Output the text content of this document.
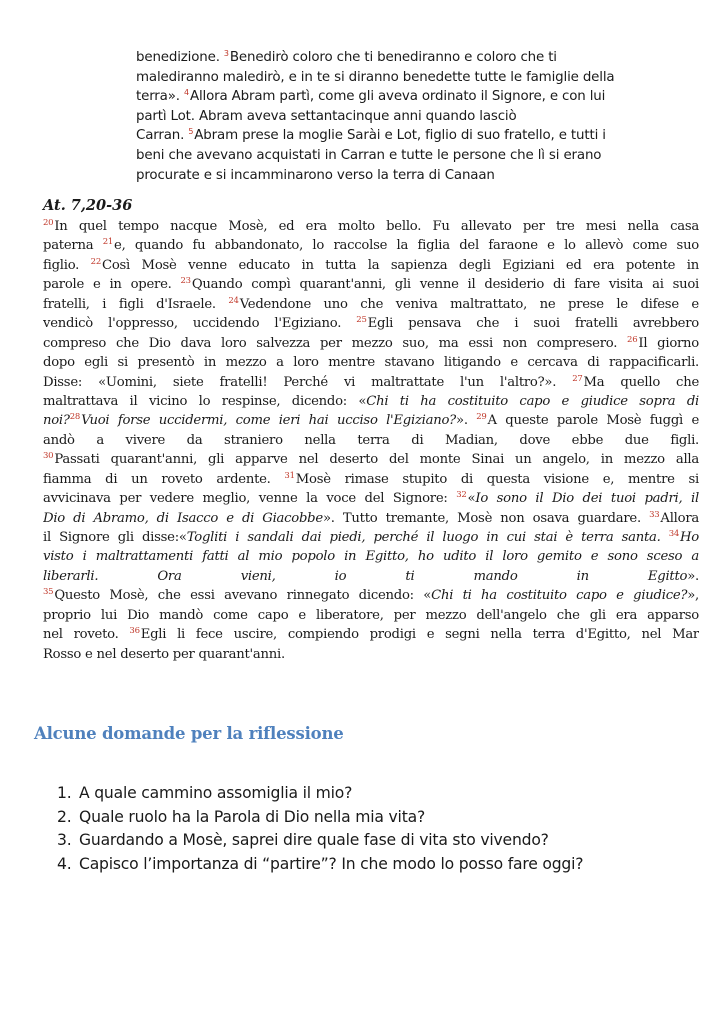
benedizione. $^3$Benedirò coloro che ti benediranno e coloro che ti
malediranno maledirò, e in te si diranno benedette tutte le famiglie della
terra». $^4$Allora Abram partì, come gli aveva ordinato il Signore, e con lui
partì Lot. Abram aveva settantacinque anni quando lasciò
Carran. $^5$Abram prese la moglie Sarài e Lot, figlio di suo fratello, e tutti i
beni che avevano acquistati in Carran e tutte le persone che lì si erano
procurate e si incamminarono verso la terra di Canaan
At. 7,20-36
$^{20}$In quel tempo nacque Mosè, ed era molto bello. Fu allevato per tre mesi nella casa
paterna $^{21}$e, quando fu abbandonato, lo raccolse la figlia del faraone e lo allevò come suo
figlio. $^{22}$Così Mosè venne educato in tutta la sapienza degli Egiziani ed era potente in
parole e in opere. $^{23}$Quando compì quarant'anni, gli venne il desiderio di fare visita ai suoi
fratelli, i figli d'Israele. $^{24}$Vedendone uno che veniva maltrattato, ne prese le difese e
vendicò l'oppresso, uccidendo l'Egiziano. $^{25}$Egli pensava che i suoi fratelli avrebbero
compreso che Dio dava loro salvezza per mezzo suo, ma essi non compresero. $^{26}$Il giorno
dopo egli si presentò in mezzo a loro mentre stavano litigando e cercava di rappacificarli.
Disse: «Uomini, siete fratelli! Perché vi maltrattate l'un l'altro?». $^{27}$Ma quello che
maltrattava il vicino lo respinse, dicendo: «Chi ti ha costituito capo e giudice sopra di
noi?$^{28}$Vuoi forse uccidermi, come ieri hai ucciso l'Egiziano?». $^{29}$A queste parole Mosè fuggì e
andò a vivere da straniero nella terra di Madian, dove ebbe due figli.
$^{30}$Passati quarant'anni, gli apparve nel deserto del monte Sinai un angelo, in mezzo alla
fiamma di un roveto ardente. $^{31}$Mosè rimase stupito di questa visione e, mentre si
avvicinava per vedere meglio, venne la voce del Signore: $^{32}$«Io sono il Dio dei tuoi padri, il
Dio di Abramo, di Isacco e di Giacobbe». Tutto tremante, Mosè non osava guardare. $^{33}$Allora
il Signore gli disse:«Togliti i sandali dai piedi, perché il luogo in cui stai è terra santa. $^{34}$Ho
visto i maltrattamenti fatti al mio popolo in Egitto, ho udito il loro gemito e sono sceso a
liberarli. Ora vieni, io ti mando in Egitto».
$^{35}$Questo Mosè, che essi avevano rinnegato dicendo: «Chi ti ha costituito capo e giudice?»,
proprio lui Dio mandò come capo e liberatore, per mezzo dell'angelo che gli era apparso
nel roveto. $^{36}$Egli li fece uscire, compiendo prodigi e segni nella terra d'Egitto, nel Mar
Rosso e nel deserto per quarant'anni.
Alcune domande per la riflessione
1. A quale cammino assomiglia il mio?
2. Quale ruolo ha la Parola di Dio nella mia vita?
3. Guardando a Mosè, saprei dire quale fase di vita sto vivendo?
4. Capisco l’importanza di “partire”? In che modo lo posso fare oggi?
